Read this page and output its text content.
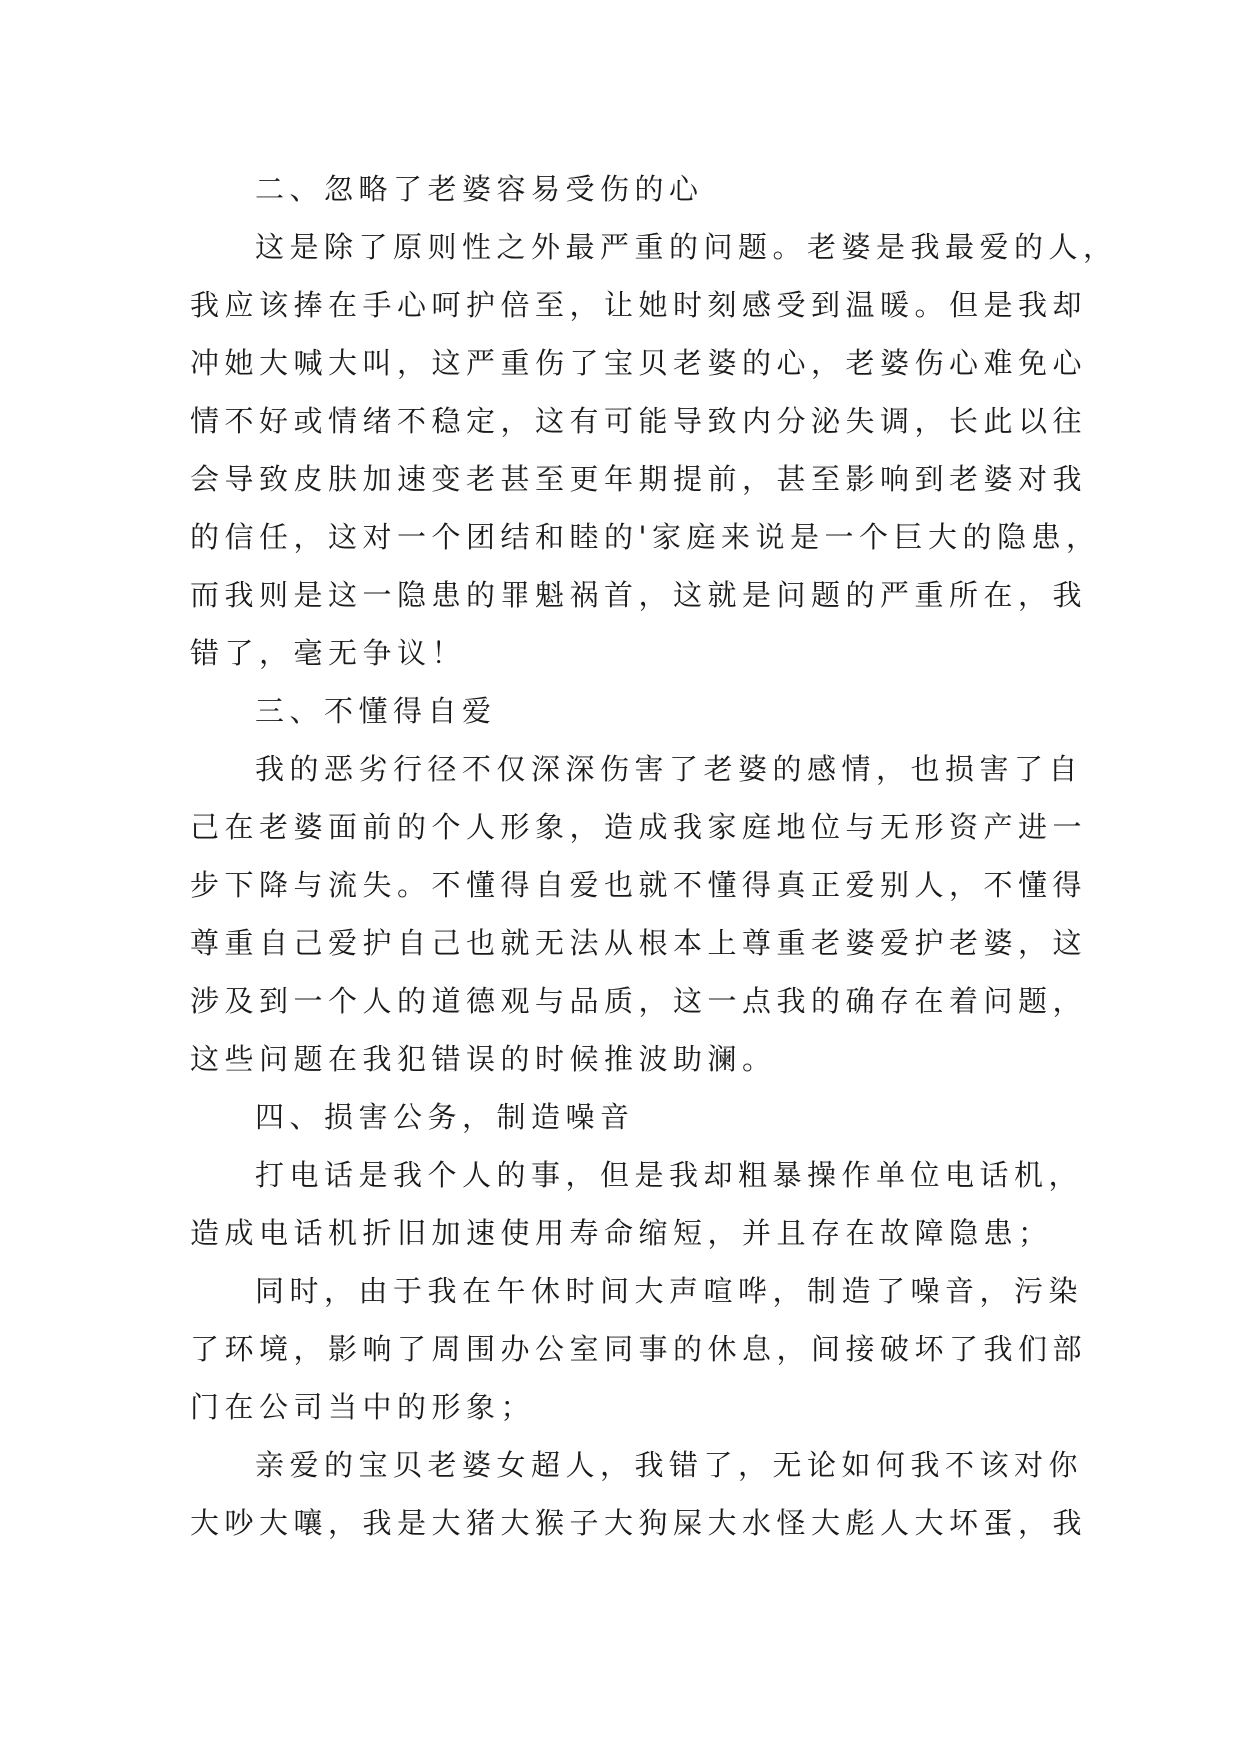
二、忽略了老婆容易受伤的心
这是除了原则性之外最严重的问题。老婆是我最爱的人，
我应该捧在手心呵护倍至，让她时刻感受到温暖。但是我却
冲她大喊大叫，这严重伤了宝贝老婆的心，老婆伤心难免心
情不好或情绪不稳定，这有可能导致内分泌失调，长此以往
会导致皮肤加速变老甚至更年期提前，甚至影响到老婆对我
的信任，这对一个团结和睦的'家庭来说是一个巨大的隐患，
而我则是这一隐患的罪魁祸首，这就是问题的严重所在，我
错了，毫无争议！
三、不懂得自爱
我的恶劣行径不仅深深伤害了老婆的感情，也损害了自
己在老婆面前的个人形象，造成我家庭地位与无形资产进一
步下降与流失。不懂得自爱也就不懂得真正爱别人，不懂得
尊重自己爱护自己也就无法从根本上尊重老婆爱护老婆，这
涉及到一个人的道德观与品质，这一点我的确存在着问题，
这些问题在我犯错误的时候推波助澜。
四、损害公务，制造噪音
打电话是我个人的事，但是我却粗暴操作单位电话机，
造成电话机折旧加速使用寿命缩短，并且存在故障隐患；
同时，由于我在午休时间大声喧哗，制造了噪音，污染
了环境，影响了周围办公室同事的休息，间接破坏了我们部
门在公司当中的形象；
亲爱的宝贝老婆女超人，我错了，无论如何我不该对你
大吵大嚷，我是大猪大猴子大狗屎大水怪大彪人大坏蛋，我
